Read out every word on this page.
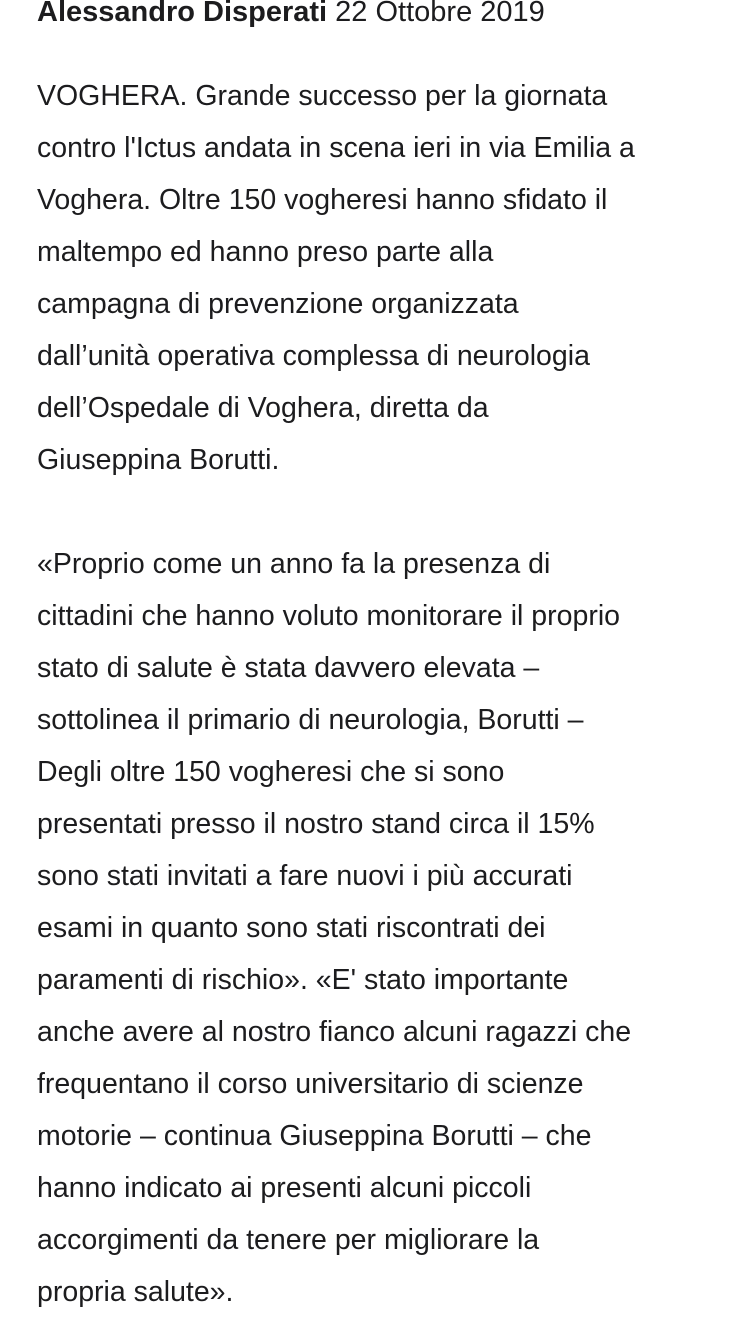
Alessandro Disperati 22 Ottobre 2019
VOGHERA. Grande successo per la giornata
contro l'Ictus andata in scena ieri in via Emilia a
Voghera. Oltre 150 vogheresi hanno sfidato il
maltempo ed hanno preso parte alla
campagna di prevenzione organizzata
dall’unità operativa complessa di neurologia
dell’Ospedale di Voghera, diretta da
Giuseppina Borutti.
«Proprio come un anno fa la presenza di
cittadini che hanno voluto monitorare il proprio
stato di salute è stata davvero elevata –
sottolinea il primario di neurologia, Borutti –
Degli oltre 150 vogheresi che si sono
presentati presso il nostro stand circa il 15%
sono stati invitati a fare nuovi i più accurati
esami in quanto sono stati riscontrati dei
paramenti di rischio». «E' stato importante
anche avere al nostro fianco alcuni ragazzi che
frequentano il corso universitario di scienze
motorie – continua Giuseppina Borutti – che
hanno indicato ai presenti alcuni piccoli
accorgimenti da tenere per migliorare la
propria salute».
